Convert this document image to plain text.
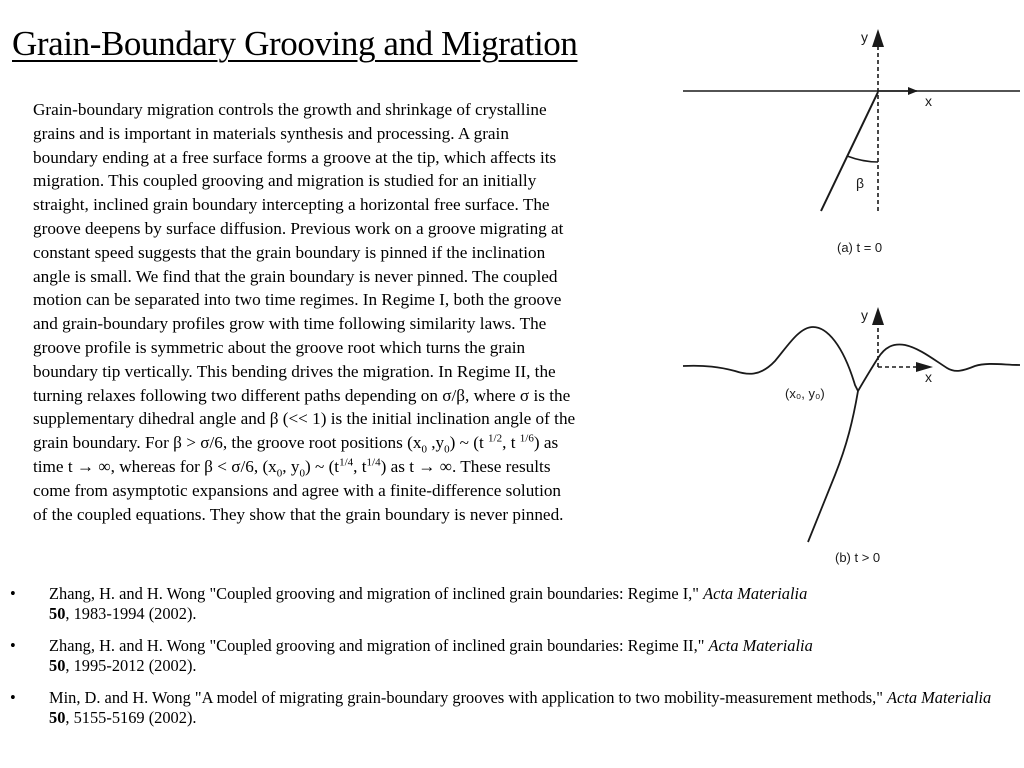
Grain-Boundary Grooving and Migration
Grain-boundary migration controls the growth and shrinkage of crystalline
grains and is important in materials synthesis and processing. A grain
boundary ending at a free surface forms a groove at the tip, which affects its
migration. This coupled grooving and migration is studied for an initially
straight, inclined grain boundary intercepting a horizontal free surface. The
groove deepens by surface diffusion. Previous work on a groove migrating at
constant speed suggests that the grain boundary is pinned if the inclination
angle is small. We find that the grain boundary is never pinned. The coupled
motion can be separated into two time regimes. In Regime I, both the groove
and grain-boundary profiles grow with time following similarity laws. The
groove profile is symmetric about the groove root which turns the grain
boundary tip vertically. This bending drives the migration. In Regime II, the
turning relaxes following two different paths depending on σ/β, where σ is the
supplementary dihedral angle and β (<< 1) is the initial inclination angle of the
grain boundary. For β > σ/6, the groove root positions ($x_0$ $,y_0$) ~ (t $^{1/2}$, t $^{1/6}$) as
time t → ∞, whereas for β < σ/6, ($x_0$, $y_0$) ~ ($t^{1/4}$, $t^{1/4}$) as t → ∞. These results
come from asymptotic expansions and agree with a finite-difference solution
of the coupled equations. They show that the grain boundary is never pinned.
y
x
β
(a) t = 0
y
x
(x₀, y₀)
(b) t > 0
• Zhang, H. and H. Wong "Coupled grooving and migration of inclined grain boundaries: Regime I," Acta Materialia
50, 1983-1994 (2002).
• Zhang, H. and H. Wong "Coupled grooving and migration of inclined grain boundaries: Regime II," Acta Materialia
50, 1995-2012 (2002).
• Min, D. and H. Wong "A model of migrating grain-boundary grooves with application to two mobility-measurement methods," Acta Materialia 50, 5155-5169 (2002).
